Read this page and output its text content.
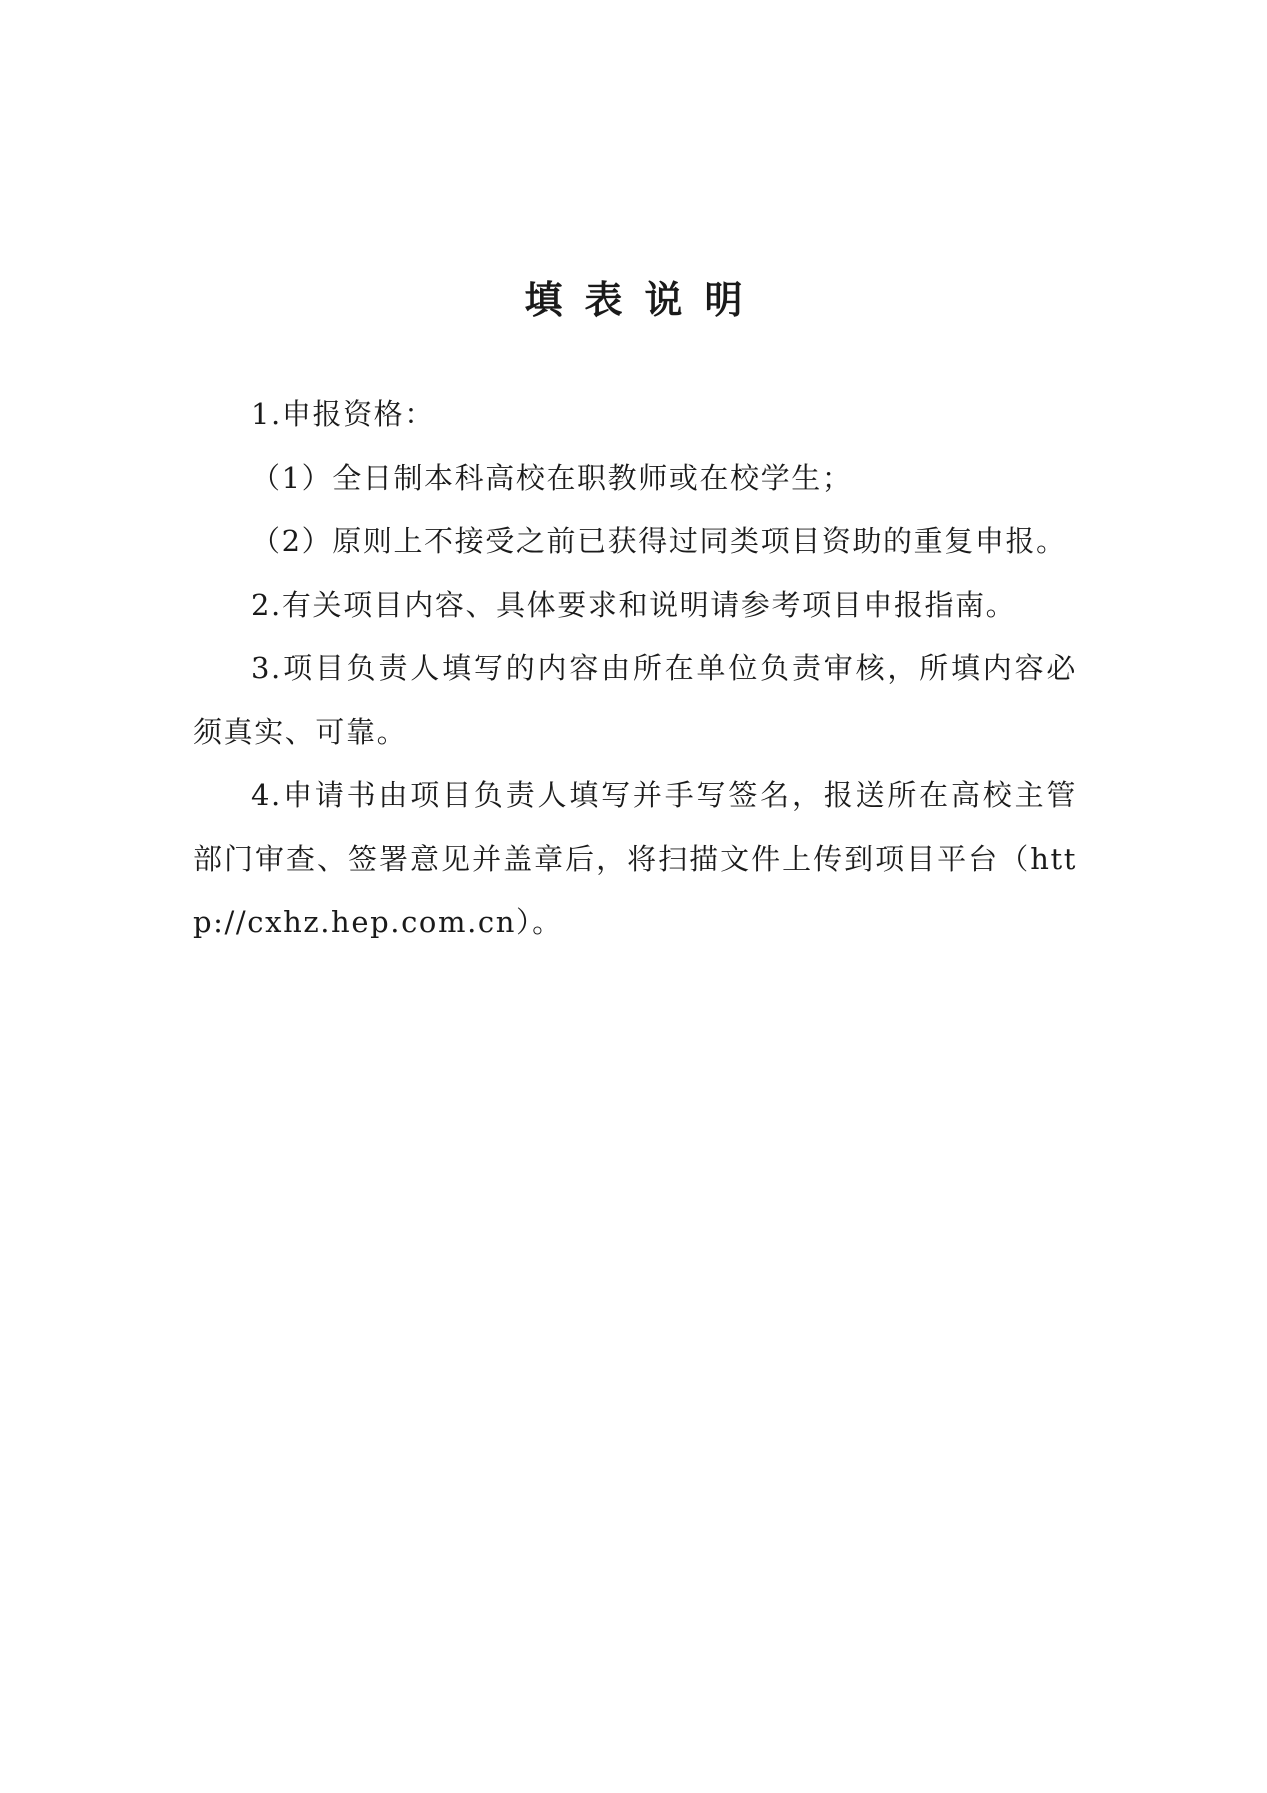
填表说明

1.申报资格：

（1）全日制本科高校在职教师或在校学生；

（2）原则上不接受之前已获得过同类项目资助的重复申报。

2.有关项目内容、具体要求和说明请参考项目申报指南。

3.项目负责人填写的内容由所在单位负责审核，所填内容必须真实、可靠。

4.申请书由项目负责人填写并手写签名，报送所在高校主管部门审查、签署意见并盖章后，将扫描文件上传到项目平台（http://cxhz.hep.com.cn）。
